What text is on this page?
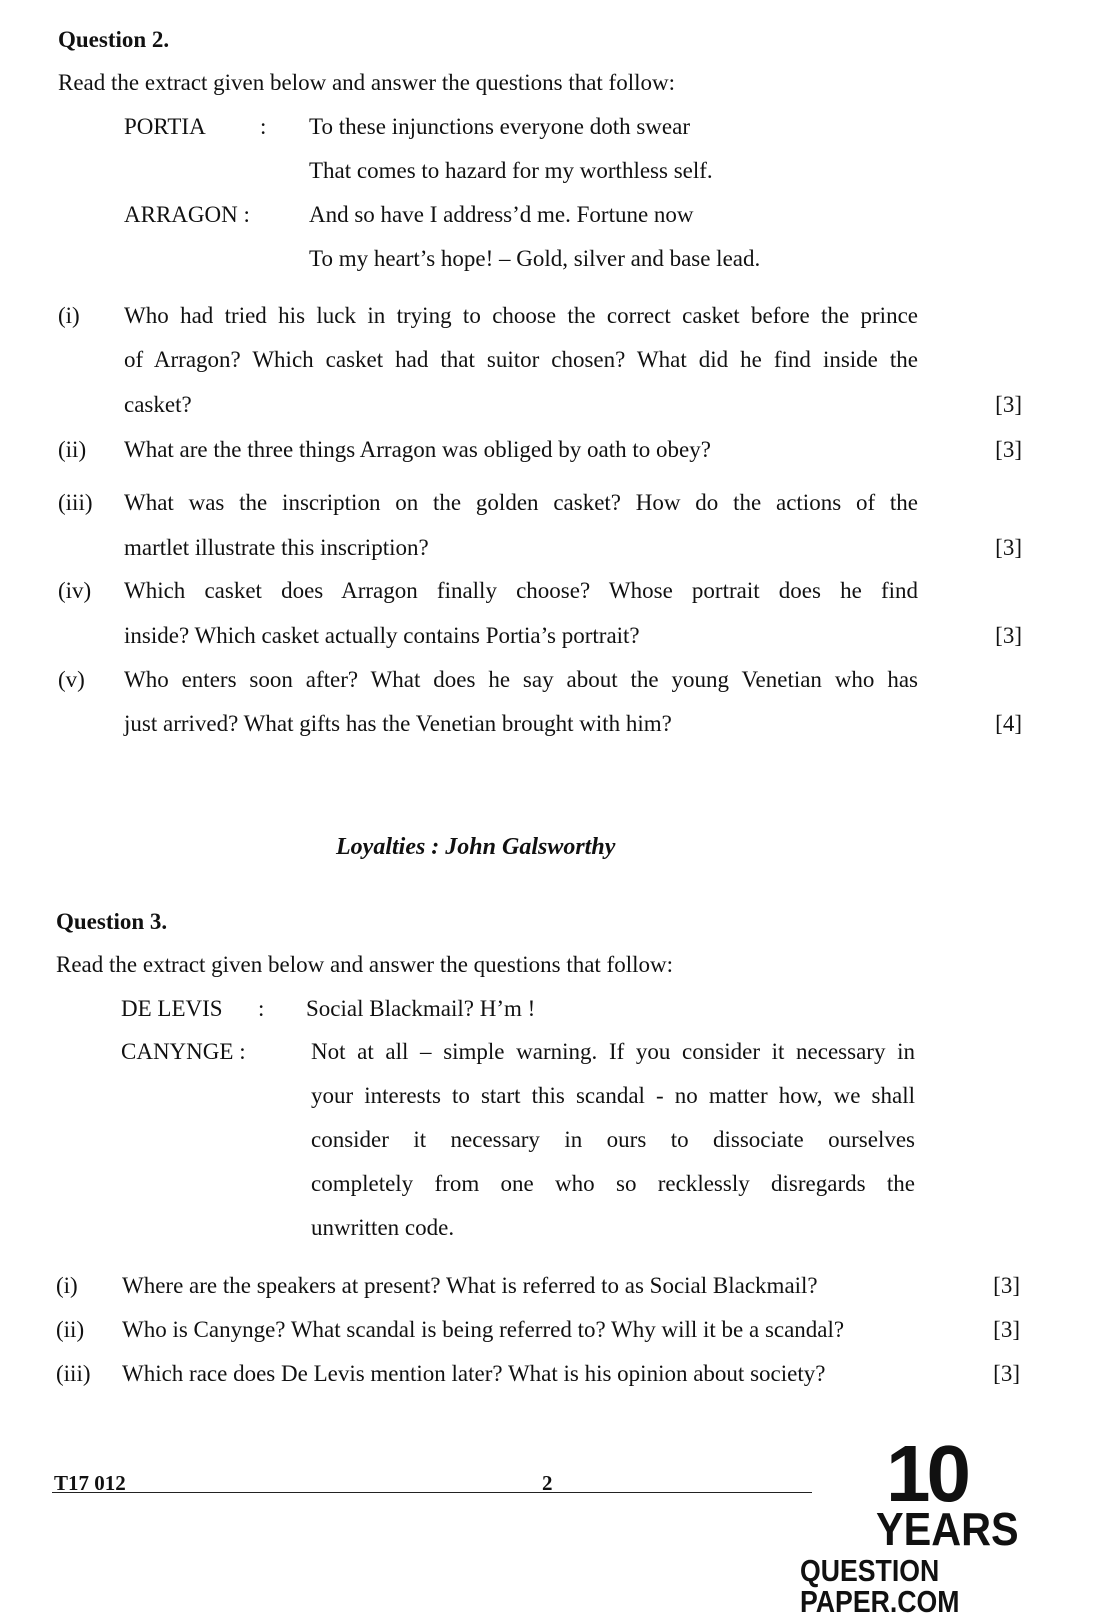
Question 2.
Read the extract given below and answer the questions that follow:
PORTIA : To these injunctions everyone doth swear
That comes to hazard for my worthless self.
ARRAGON :	And so have I address’d me. Fortune now
To my heart’s hope! – Gold, silver and base lead.
(i) Who had tried his luck in trying to choose the correct casket before the prince
of Arragon? Which casket had that suitor chosen? What did he find inside the
casket?	[3]
(ii) What are the three things Arragon was obliged by oath to obey?	[3]
(iii) What was the inscription on the golden casket? How do the actions of the
martlet illustrate this inscription?	[3]
(iv) Which casket does Arragon finally choose? Whose portrait does he find
inside? Which casket actually contains Portia’s portrait?	[3]
(v) Who enters soon after? What does he say about the young Venetian who has
just arrived? What gifts has the Venetian brought with him?	[4]
Loyalties : John Galsworthy
Question 3.
Read the extract given below and answer the questions that follow:
DE LEVIS : Social Blackmail? H’m !
CANYNGE :	Not at all – simple warning. If you consider it necessary in
your interests to start this scandal - no matter how, we shall
consider it necessary in ours to dissociate ourselves
completely from one who so recklessly disregards the
unwritten code.
(i) Where are the speakers at present? What is referred to as Social Blackmail?	[3]
(ii) Who is Canynge? What scandal is being referred to? Why will it be a scandal?	[3]
(iii) Which race does De Levis mention later? What is his opinion about society?	[3]
T17 012	2	10
YEARS
QUESTION PAPER.COM
